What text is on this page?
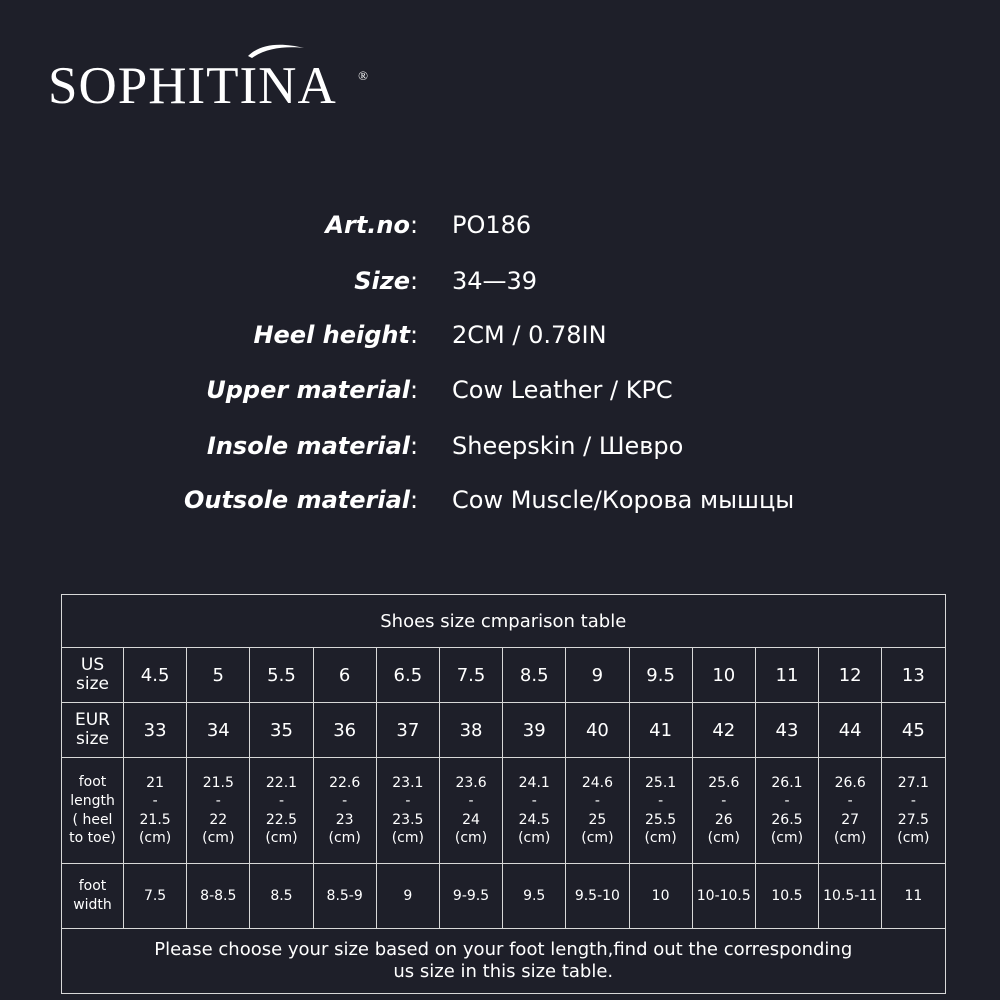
SOPHITINA ®
Art.no : PO186
Size : 34—39
Heel height : 2CM / 0.78IN
Upper material : Cow Leather / KPC
Insole material : Sheepskin / Шевро
Outsole material : Cow Muscle/Корова мышцы
Shoes size cmparison table													

US
size	4.5	5	5.5	6	6.5	7.5	8.5	9	9.5	10	11	12	13

EUR
size	33	34	35	36	37	38	39	40	41	42	43	44	45

foot
length
( heel
to toe)	21
-
21.5
(cm)	21.5
-
22
(cm)	22.1
-
22.5
(cm)	22.6
-
23
(cm)	23.1
-
23.5
(cm)	23.6
-
24
(cm)	24.1
-
24.5
(cm)	24.6
-
25
(cm)	25.1
-
25.5
(cm)	25.6
-
26
(cm)	26.1
-
26.5
(cm)	26.6
-
27
(cm)	27.1
-
27.5
(cm)

foot
width	7.5	8-8.5	8.5	8.5-9	9	9-9.5	9.5	9.5-10	10	10-10.5	10.5	10.5-11	11

Please choose your size based on your foot length,find out the corresponding
us size in this size table.													
